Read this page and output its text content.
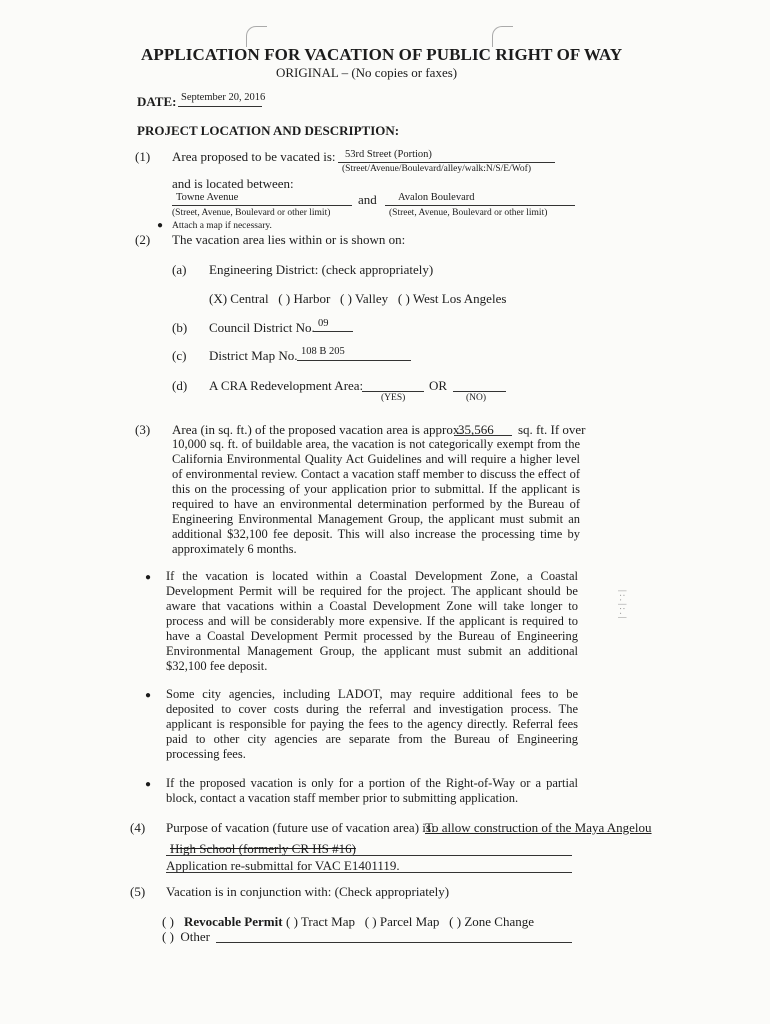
APPLICATION FOR VACATION OF PUBLIC RIGHT OF WAY
ORIGINAL – (No copies or faxes)
DATE: September 20, 2016
PROJECT LOCATION AND DESCRIPTION:
(1) Area proposed to be vacated is: 53rd Street (Portion)
(Street/Avenue/Boulevard/alley/walk:N/S/E/Wof)
and is located between:
Towne Avenue	and Avalon Boulevard
(Street, Avenue, Boulevard or other limit)	(Street, Avenue, Boulevard or other limit)
● Attach a map if necessary.
(2) The vacation area lies within or is shown on:
(a) Engineering District: (check appropriately)
(X) Central   ( ) Harbor   ( ) Valley   ( ) West Los Angeles
(b) Council District No. 09
(c) District Map No. 108 B 205
(d) A CRA Redevelopment Area:	OR
(YES)	(NO)
(3) Area (in sq. ft.) of the proposed vacation area is approx.
35,566 sq. ft. If over
10,000 sq. ft. of buildable area, the vacation is not categorically exempt from the California Environmental Quality Act Guidelines and will require a higher level of environmental review. Contact a vacation staff member to discuss the effect of this on the processing of your application prior to submittal. If the applicant is required to have an environmental determination performed by the Bureau of Engineering Environmental Management Group, the applicant must submit an additional $32,100 fee deposit. This will also increase the processing time by approximately 6 months.
● If the vacation is located within a Coastal Development Zone, a Coastal Development Permit will be required for the project. The applicant should be aware that vacations within a Coastal Development Zone will take longer to process and will be considerably more expensive. If the applicant is required to have a Coastal Development Permit processed by the Bureau of Engineering Environmental Management Group, the applicant must submit an additional $32,100 fee deposit.
● Some city agencies, including LADOT, may require additional fees to be deposited to cover costs during the referral and investigation process. The applicant is responsible for paying the fees to the agency directly. Referral fees paid to other city agencies are separate from the Bureau of Engineering processing fees.
● If the proposed vacation is only for a portion of the Right-of-Way or a partial block, contact a vacation staff member prior to submitting application.
| : . | : . |
(4) Purpose of vacation (future use of vacation area) is:
To allow construction of the Maya Angelou
High School (formerly CR HS #16)
Application re-submittal for VAC E1401119.
(5) Vacation is in conjunction with: (Check appropriately)
( ) Revocable Permit ( ) Tract Map   ( ) Parcel Map   ( ) Zone Change
( )  Other
